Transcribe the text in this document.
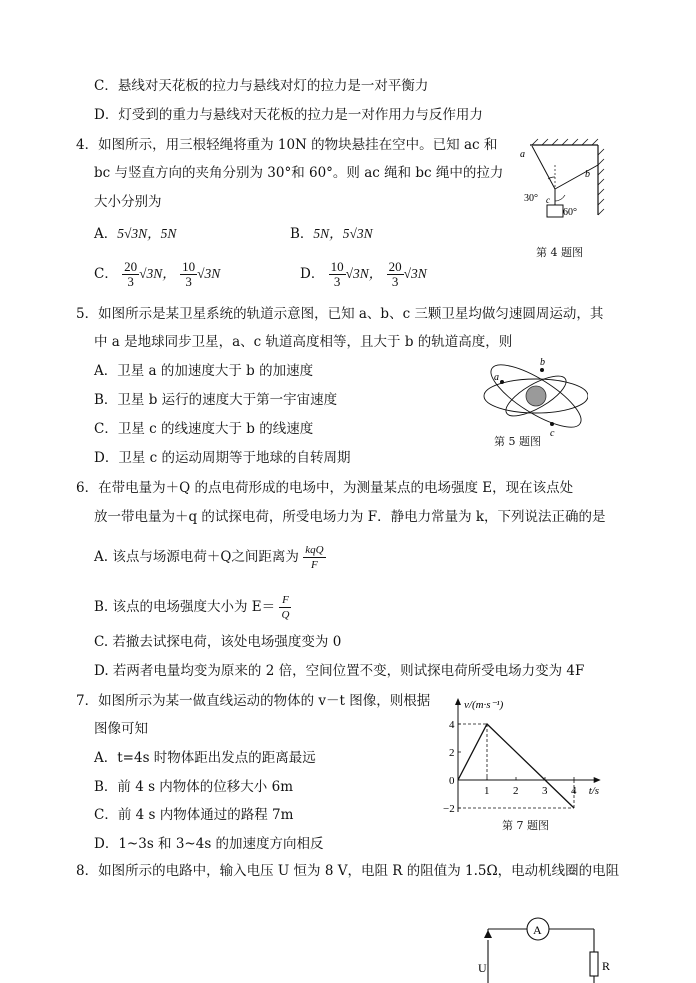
C．悬线对天花板的拉力与悬线对灯的拉力是一对平衡力
D．灯受到的重力与悬线对天花板的拉力是一对作用力与反作用力
4．如图所示，用三根轻绳将重为 10N 的物块悬挂在空中。已知 ac 和
bc 与竖直方向的夹角分别为 30°和 60°。则 ac 绳和 bc 绳中的拉力
大小分别为
A．5√3N，5N	B．5N，5√3N
C． $\frac{20}{3} √3N$， $\frac{10}{3} √3N$	D． $\frac{10}{3} √3N$， $\frac{20}{3} √3N$
a
b
c
30°
60°
第 4 题图
5．如图所示是某卫星系统的轨道示意图，已知 a、b、c 三颗卫星均做匀速圆周运动，其
中 a 是地球同步卫星，a、c 轨道高度相等，且大于 b 的轨道高度，则
A．卫星 a 的加速度大于 b 的加速度
B．卫星 b 运行的速度大于第一宇宙速度
C．卫星 c 的线速度大于 b 的线速度
D．卫星 c 的运动周期等于地球的自转周期
a
b
c
第 5 题图
6．在带电量为＋Q 的点电荷形成的电场中，为测量某点的电场强度 E，现在该点处
放一带电量为＋q 的试探电荷，所受电场力为 F．静电力常量为 k，下列说法正确的是
A. 该点与场源电荷＋Q之间距离为 $\frac{\text{kqQ}}{F}$
B. 该点的电场强度大小为 $E= \frac{F}{Q}$
C. 若撤去试探电荷，该处电场强度变为 0
D. 若两者电量均变为原来的 2 倍，空间位置不变，则试探电荷所受电场力变为 4F
7．如图所示为某一做直线运动的物体的 v－t 图像，则根据
图像可知
A．t=4s 时物体距出发点的距离最远
B．前 4 s 内物体的位移大小 6m
C．前 4 s 内物体通过的路程 7m
D．1~3s 和 3~4s 的加速度方向相反
v/(m·s⁻¹)
t/s
1 2 3 4
4
2
0
−2
第 7 题图
8．如图所示的电路中，输入电压 U 恒为 8 V，电阻 R 的阻值为 1.5Ω，电动机线圈的电阻
A
U	R
